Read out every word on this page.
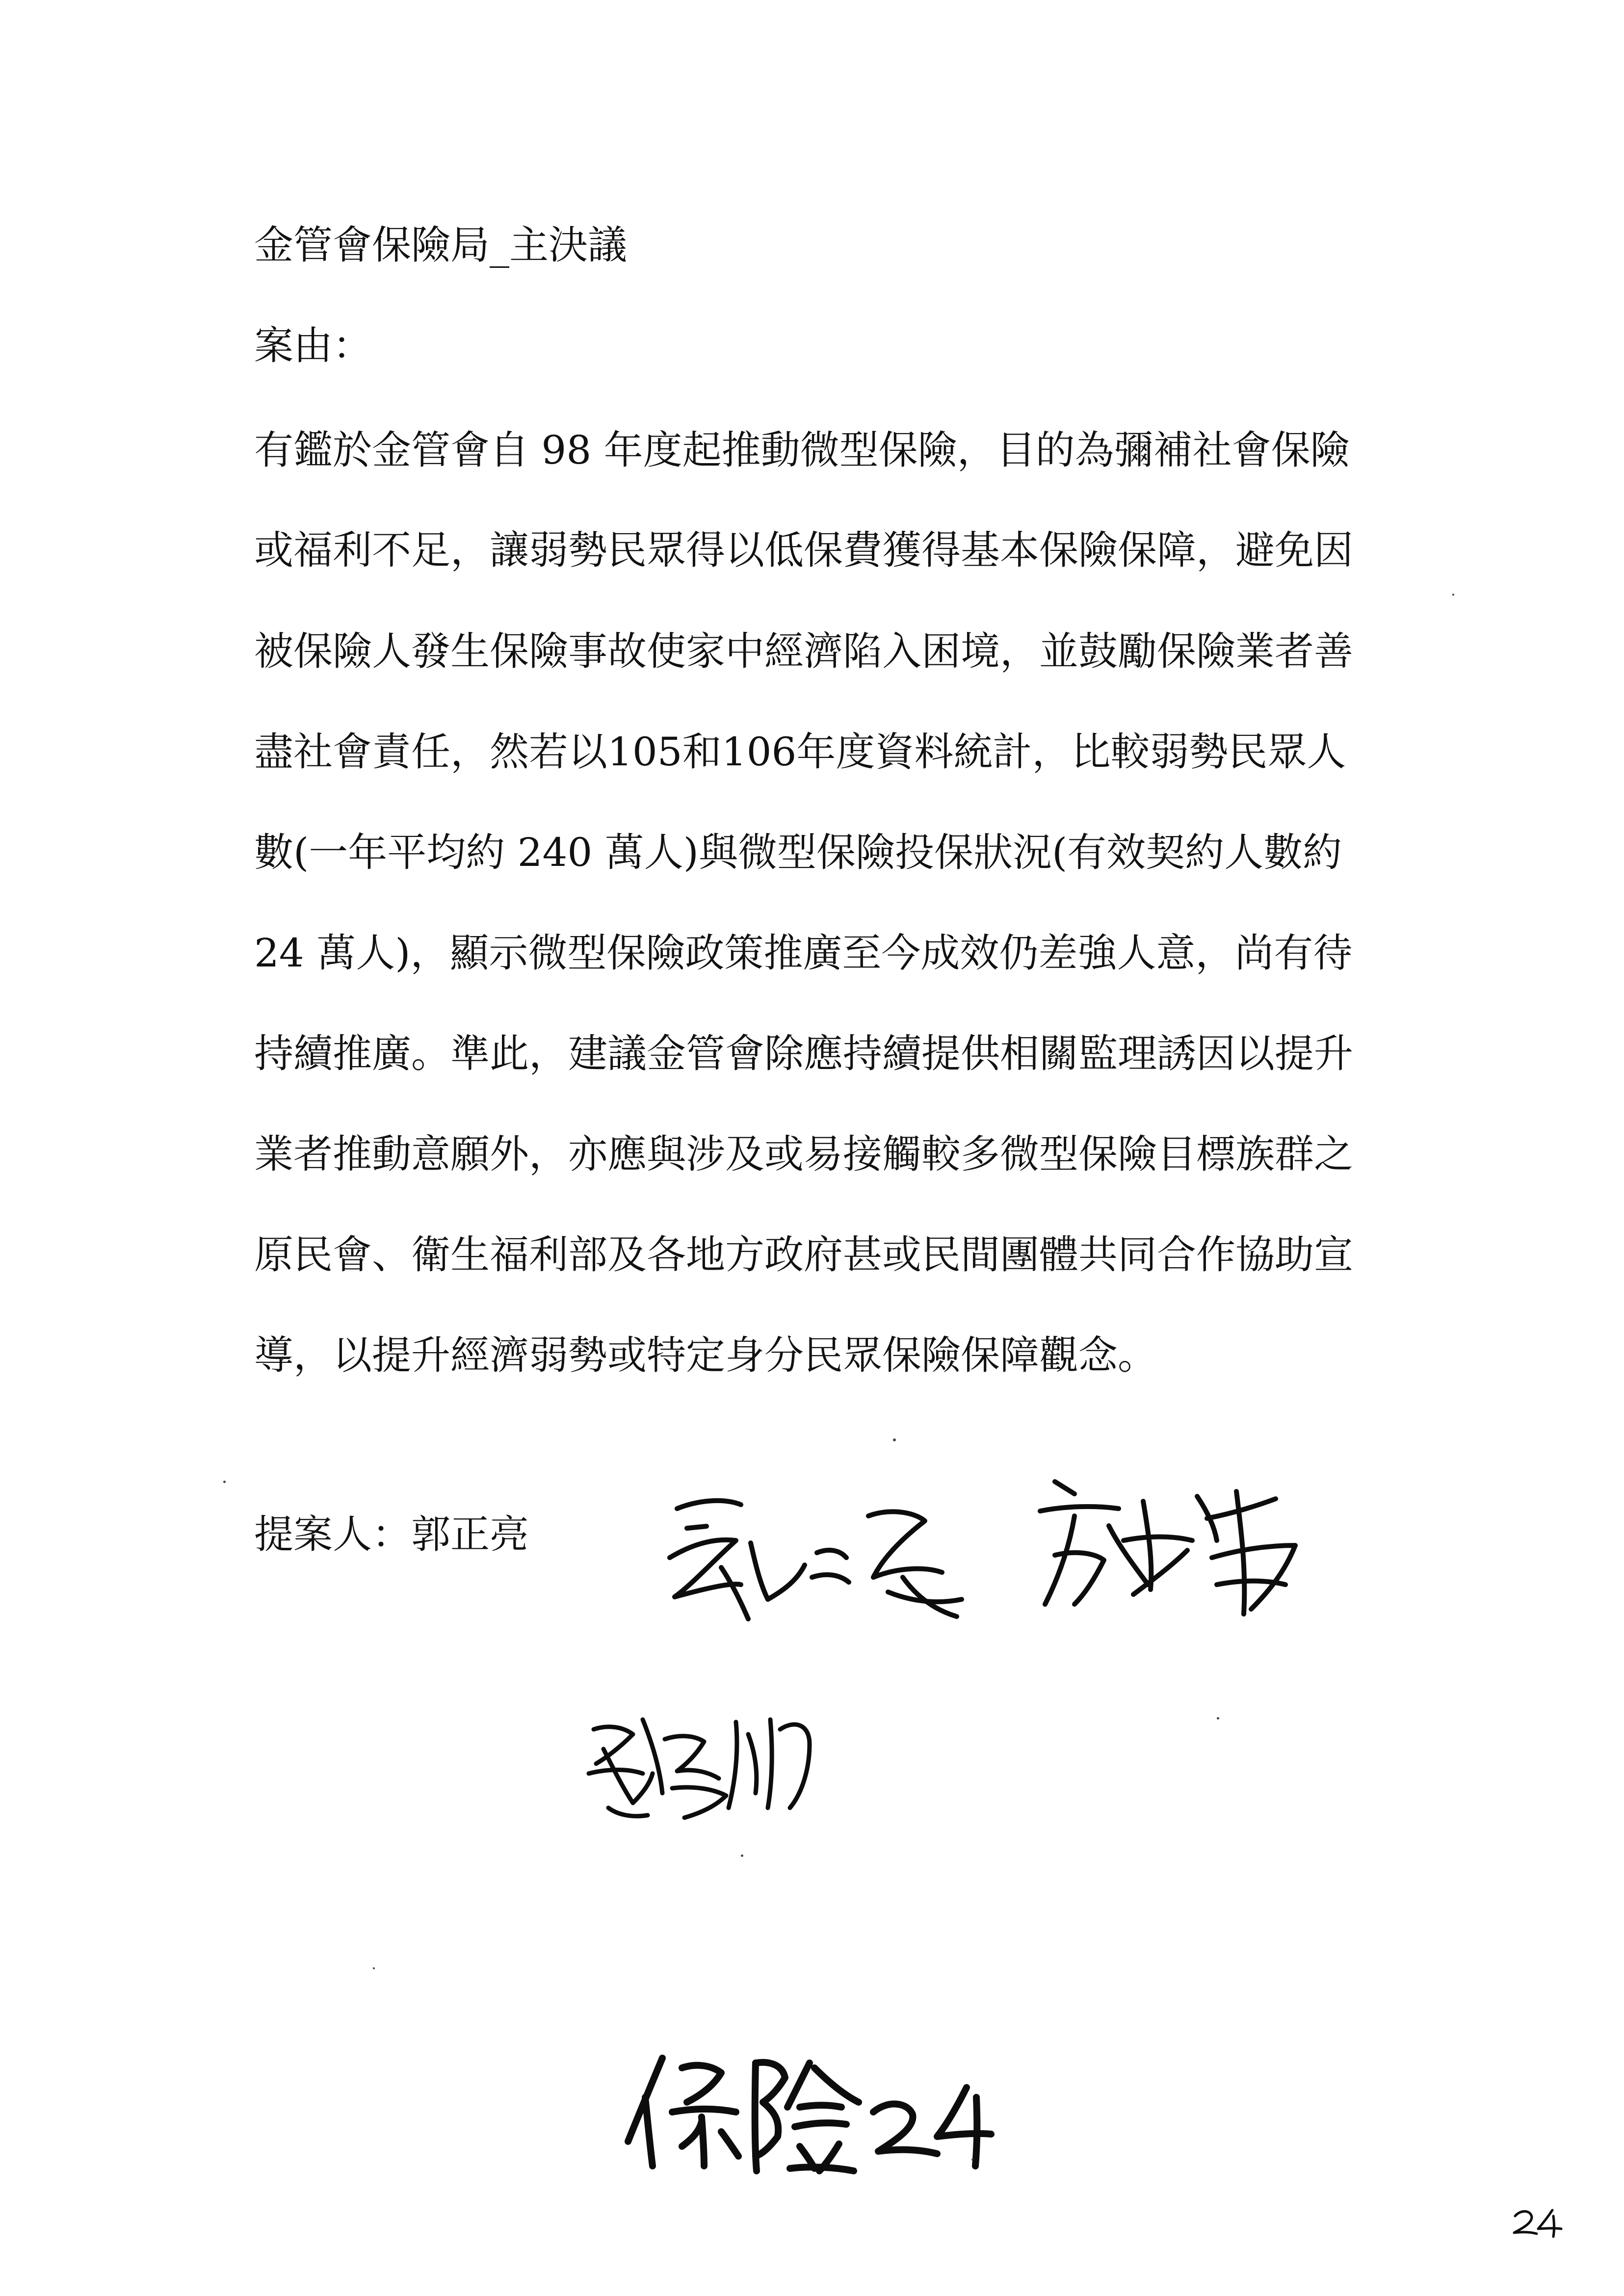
金管會保險局_主決議
案由：
有鑑於金管會自 98 年度起推動微型保險，目的為彌補社會保險
或福利不足，讓弱勢民眾得以低保費獲得基本保險保障，避免因
被保險人發生保險事故使家中經濟陷入困境，並鼓勵保險業者善
盡社會責任，然若以105和106年度資料統計，比較弱勢民眾人
數(一年平均約 240 萬人)與微型保險投保狀況(有效契約人數約
24 萬人)，顯示微型保險政策推廣至今成效仍差強人意，尚有待
持續推廣。準此，建議金管會除應持續提供相關監理誘因以提升
業者推動意願外，亦應與涉及或易接觸較多微型保險目標族群之
原民會、衛生福利部及各地方政府甚或民間團體共同合作協助宣
導，以提升經濟弱勢或特定身分民眾保險保障觀念。
提案人：郭正亮
